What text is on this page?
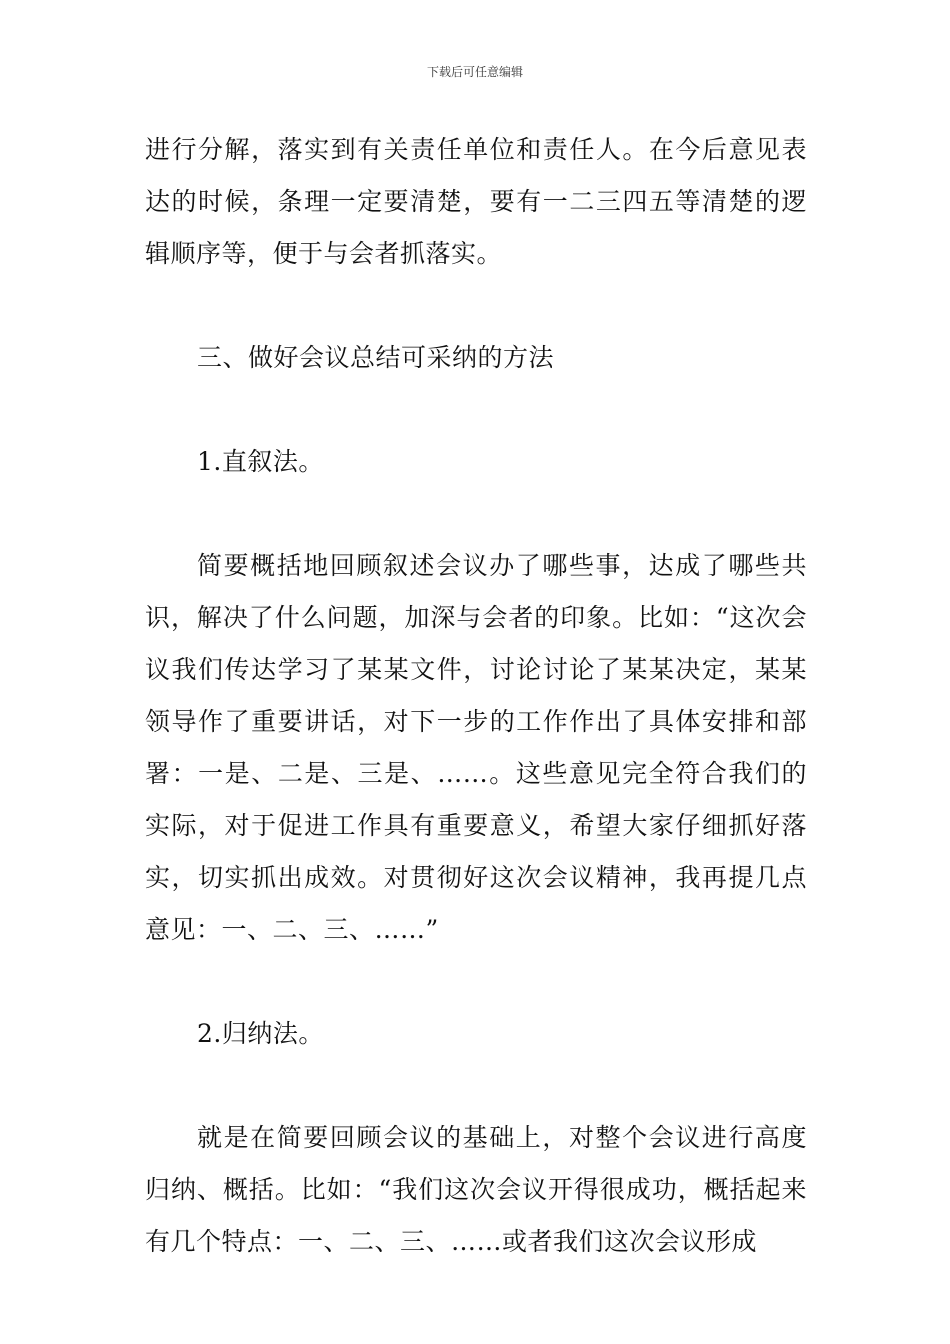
下载后可任意编辑

进行分解，落实到有关责任单位和责任人。在今后意见表达的时候，条理一定要清楚，要有一二三四五等清楚的逻辑顺序等，便于与会者抓落实。

三、做好会议总结可采纳的方法

1.直叙法。

简要概括地回顾叙述会议办了哪些事，达成了哪些共识，解决了什么问题，加深与会者的印象。比如：“这次会议我们传达学习了某某文件，讨论讨论了某某决定，某某领导作了重要讲话，对下一步的工作作出了具体安排和部署：一是、二是、三是、……。这些意见完全符合我们的实际，对于促进工作具有重要意义，希望大家仔细抓好落实，切实抓出成效。对贯彻好这次会议精神，我再提几点意见：一、二、三、……”

2.归纳法。

就是在简要回顾会议的基础上，对整个会议进行高度归纳、概括。比如：“我们这次会议开得很成功，概括起来有几个特点：一、二、三、……或者我们这次会议形成
